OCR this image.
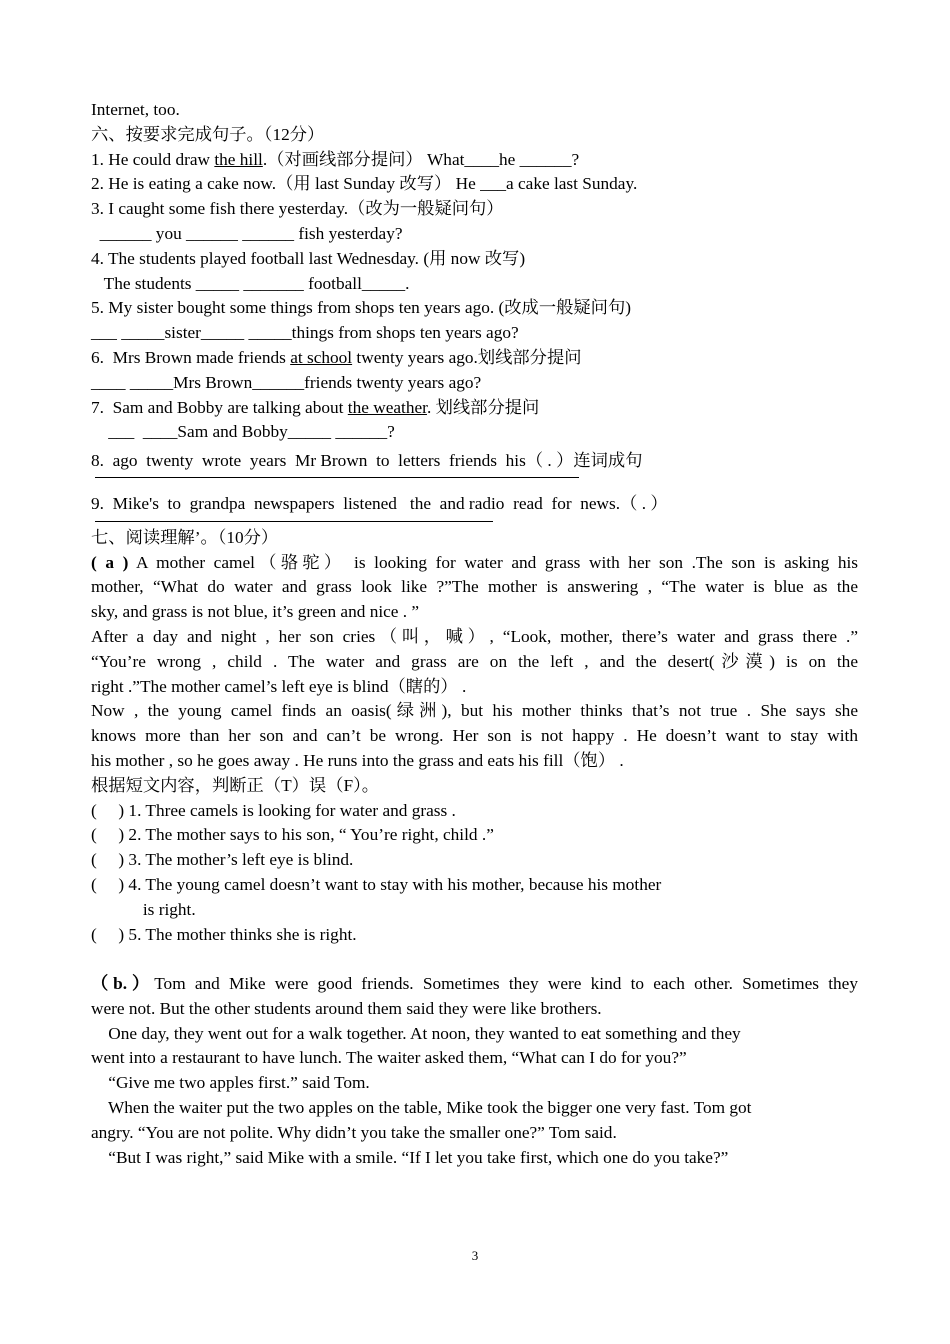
Internet, too.
六、按要求完成句子。（12分）
1. He could draw the hill.（对画线部分提问） What____he ______?
2. He is eating a cake now.（用 last Sunday 改写） He ___a cake last Sunday.
3. I caught some fish there yesterday.（改为一般疑问句）
______ you ______ ______ fish yesterday?
4. The students played football last Wednesday. (用 now 改写)
The students _____ _______ football_____.
5. My sister bought some things from shops ten years ago. (改成一般疑问句)
___ _____sister_____ _____things from shops ten years ago?
6.  Mrs Brown made friends at school twenty years ago.划线部分提问
____ _____Mrs Brown______friends twenty years ago?
7.  Sam and Bobby are talking about the weather. 划线部分提问
___  ____Sam and Bobby_____ ______?
8.  ago  twenty  wrote  years  Mr Brown  to  letters  friends  his（ . ）连词成句
9.  Mike's  to  grandpa  newspapers  listened   the  and radio  read  for  news.（ . ）
七、阅读理解’。（10分）
( a ) A mother camel（骆驼） is looking for water and grass with her son .The son is asking his
mother, “What do water and grass look like ?”The mother is answering , “The water is blue as the
sky, and grass is not blue, it’s green and nice . ”
After a day and night , her son cries（叫，喊）, “Look, mother, there’s water and grass there .”
“You’re wrong , child . The water and grass are on the left , and the desert(沙漠) is on the
right .”The mother camel’s left eye is blind（瞎的） .
Now , the young camel finds an oasis(绿洲), but his mother thinks that’s not true . She says she
knows more than her son and can’t be wrong. Her son is not happy . He doesn’t want to stay with
his mother , so he goes away . He runs into the grass and eats his fill（饱） .
根据短文内容，判断正（T）误（F）。
(     ) 1. Three camels is looking for water and grass .
(     ) 2. The mother says to his son, “ You’re right, child .”
(     ) 3. The mother’s left eye is blind.
(     ) 4. The young camel doesn’t want to stay with his mother, because his mother
is right.
(     ) 5. The mother thinks she is right.
（b.）Tom and Mike were good friends. Sometimes they were kind to each other. Sometimes they
were not. But the other students around them said they were like brothers.
One day, they went out for a walk together. At noon, they wanted to eat something and they
went into a restaurant to have lunch. The waiter asked them, “What can I do for you?”
“Give me two apples first.” said Tom.
When the waiter put the two apples on the table, Mike took the bigger one very fast. Tom got
angry. “You are not polite. Why didn’t you take the smaller one?” Tom said.
“But I was right,” said Mike with a smile. “If I let you take first, which one do you take?”
3
